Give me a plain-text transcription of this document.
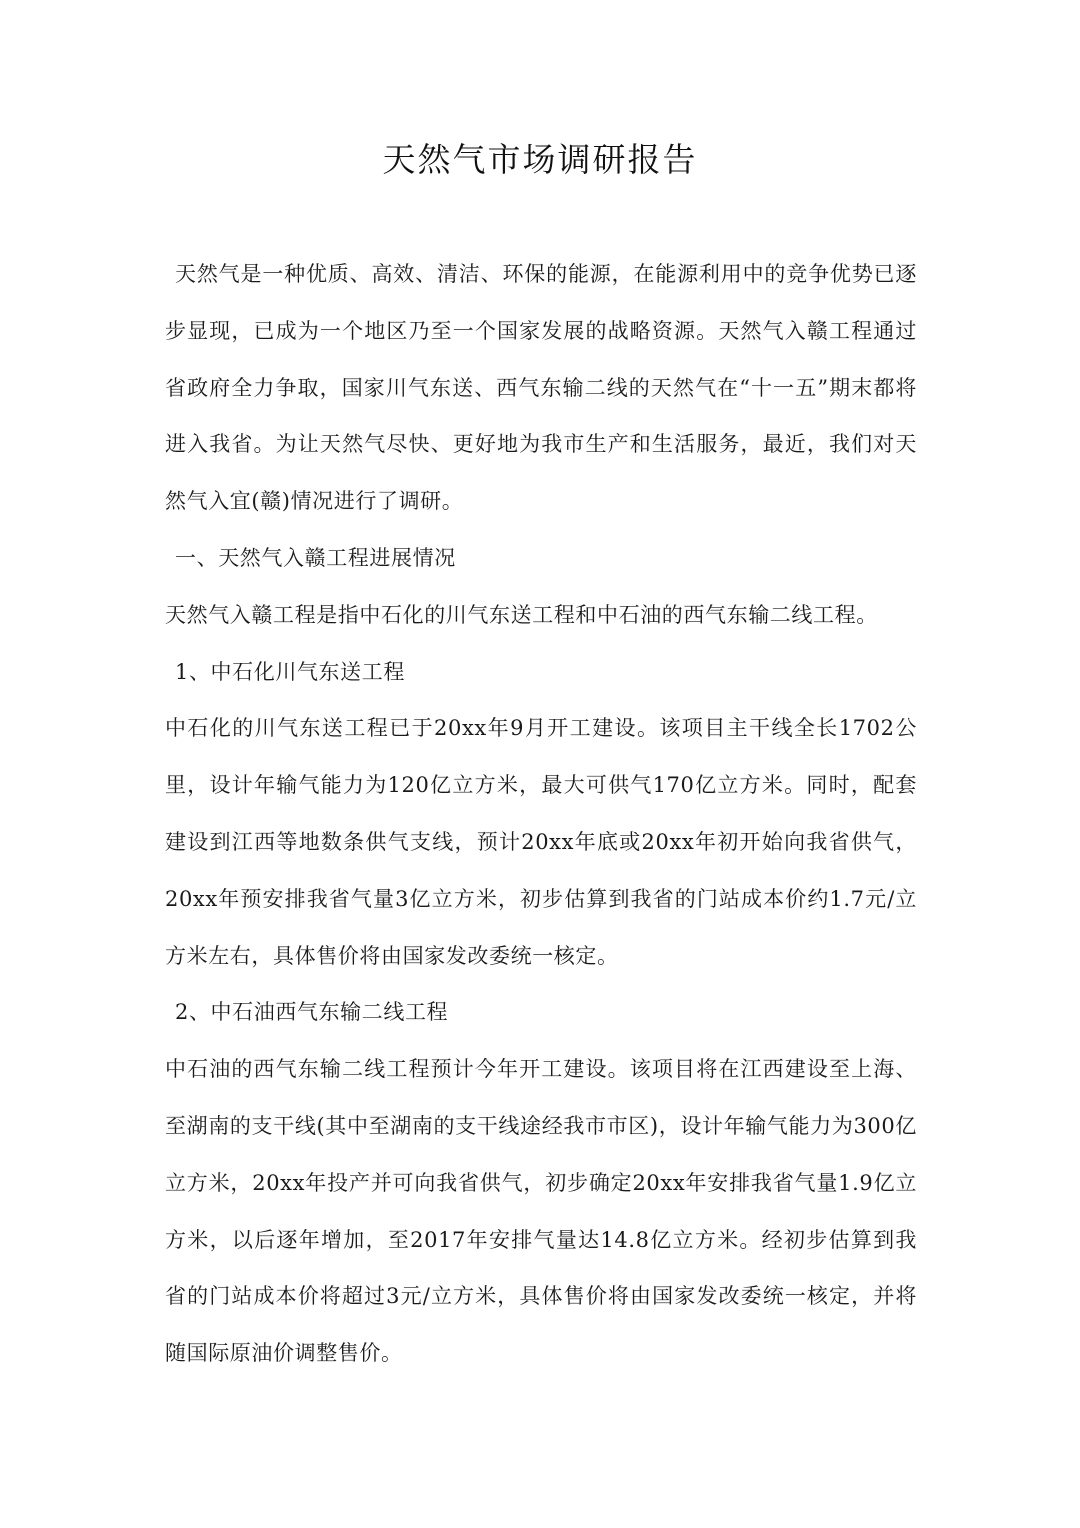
天然气市场调研报告

天然气是一种优质、高效、清洁、环保的能源，在能源利用中的竞争优势已逐步显现，已成为一个地区乃至一个国家发展的战略资源。天然气入赣工程通过省政府全力争取，国家川气东送、西气东输二线的天然气在“十一五”期末都将进入我省。为让天然气尽快、更好地为我市生产和生活服务，最近，我们对天然气入宜(赣)情况进行了调研。

一、天然气入赣工程进展情况

天然气入赣工程是指中石化的川气东送工程和中石油的西气东输二线工程。

1、中石化川气东送工程

中石化的川气东送工程已于20xx年9月开工建设。该项目主干线全长1702公里，设计年输气能力为120亿立方米，最大可供气170亿立方米。同时，配套建设到江西等地数条供气支线，预计20xx年底或20xx年初开始向我省供气，20xx年预安排我省气量3亿立方米，初步估算到我省的门站成本价约1.7元/立方米左右，具体售价将由国家发改委统一核定。

2、中石油西气东输二线工程

中石油的西气东输二线工程预计今年开工建设。该项目将在江西建设至上海、至湖南的支干线(其中至湖南的支干线途经我市市区)，设计年输气能力为300亿立方米，20xx年投产并可向我省供气，初步确定20xx年安排我省气量1.9亿立方米，以后逐年增加，至2017年安排气量达14.8亿立方米。经初步估算到我省的门站成本价将超过3元/立方米，具体售价将由国家发改委统一核定，并将随国际原油价调整售价。
